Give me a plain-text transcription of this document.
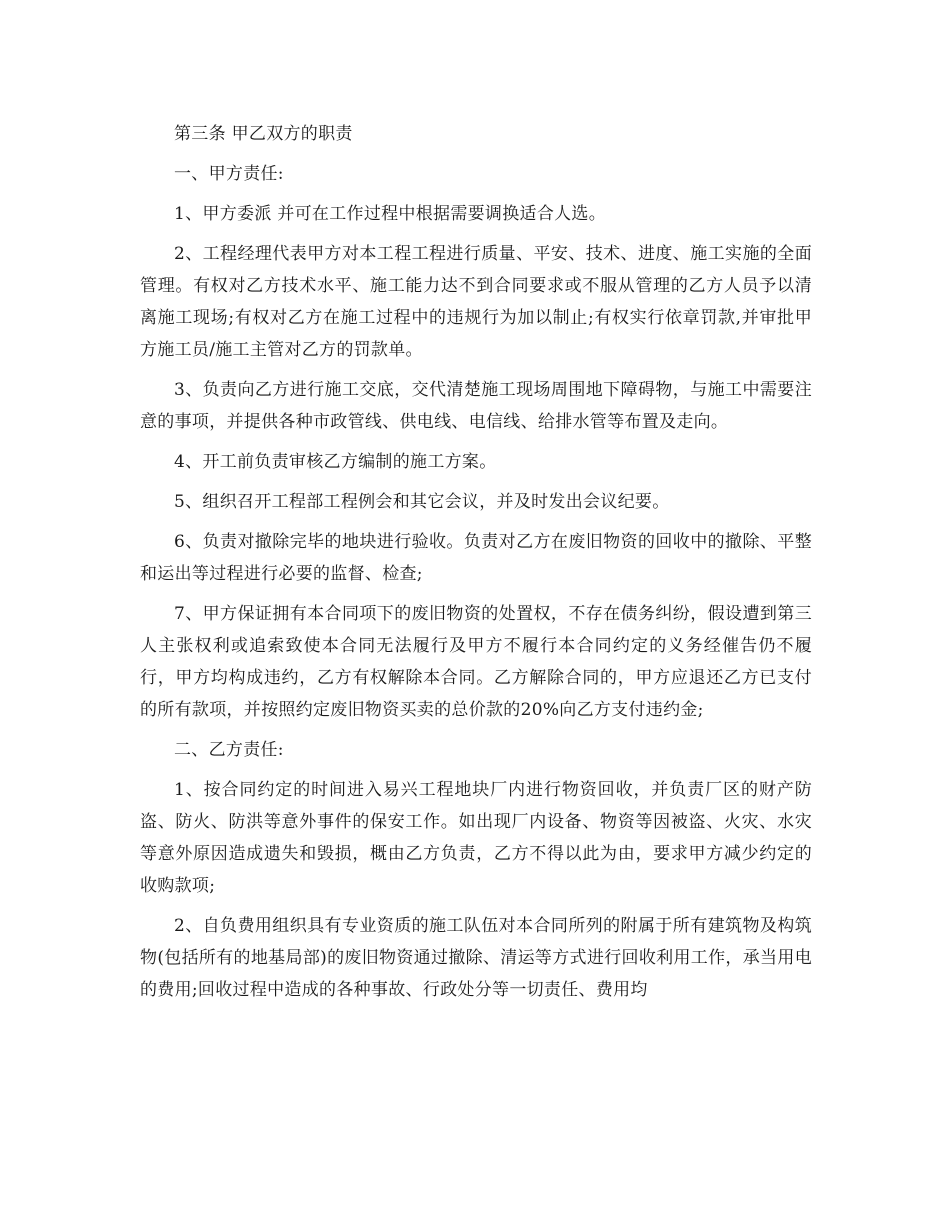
第三条 甲乙双方的职责

一、甲方责任:

1、甲方委派 并可在工作过程中根据需要调换适合人选。

2、工程经理代表甲方对本工程工程进行质量、平安、技术、进度、施工实施的全面管理。有权对乙方技术水平、施工能力达不到合同要求或不服从管理的乙方人员予以清离施工现场;有权对乙方在施工过程中的违规行为加以制止;有权实行依章罚款,并审批甲方施工员/施工主管对乙方的罚款单。

3、负责向乙方进行施工交底，交代清楚施工现场周围地下障碍物，与施工中需要注意的事项，并提供各种市政管线、供电线、电信线、给排水管等布置及走向。

4、开工前负责审核乙方编制的施工方案。

5、组织召开工程部工程例会和其它会议，并及时发出会议纪要。

6、负责对撤除完毕的地块进行验收。负责对乙方在废旧物资的回收中的撤除、平整和运出等过程进行必要的监督、检查;

7、甲方保证拥有本合同项下的废旧物资的处置权，不存在债务纠纷，假设遭到第三人主张权利或追索致使本合同无法履行及甲方不履行本合同约定的义务经催告仍不履行，甲方均构成违约，乙方有权解除本合同。乙方解除合同的，甲方应退还乙方已支付的所有款项，并按照约定废旧物资买卖的总价款的20%向乙方支付违约金;

二、乙方责任:

1、按合同约定的时间进入易兴工程地块厂内进行物资回收，并负责厂区的财产防盗、防火、防洪等意外事件的保安工作。如出现厂内设备、物资等因被盗、火灾、水灾等意外原因造成遗失和毁损，概由乙方负责，乙方不得以此为由，要求甲方减少约定的收购款项;

2、自负费用组织具有专业资质的施工队伍对本合同所列的附属于所有建筑物及构筑物(包括所有的地基局部)的废旧物资通过撤除、清运等方式进行回收利用工作，承当用电的费用;回收过程中造成的各种事故、行政处分等一切责任、费用均
